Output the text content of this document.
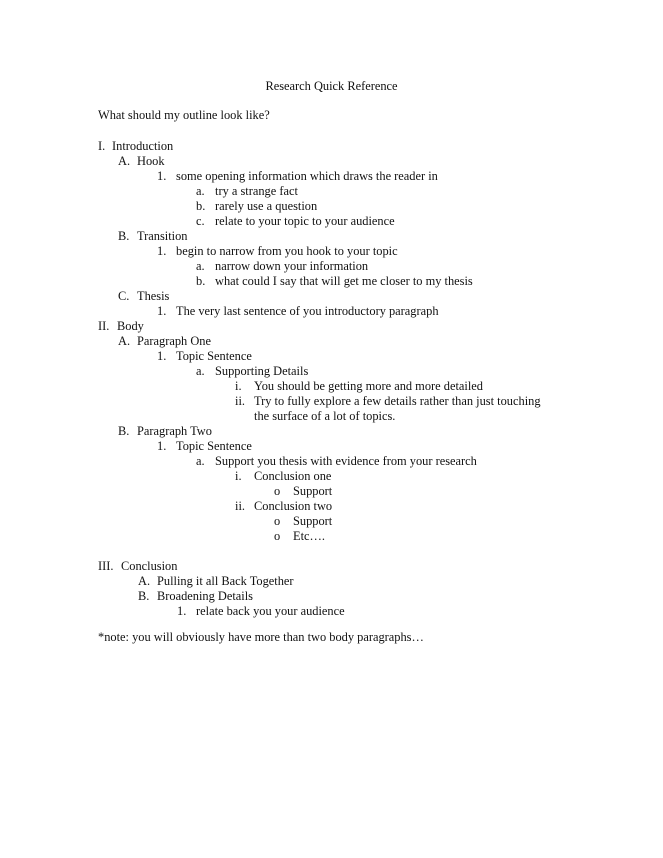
Research Quick Reference
What should my outline look like?
I. Introduction
A. Hook
1. some opening information which draws the reader in
a. try a strange fact
b. rarely use a question
c. relate to your topic to your audience
B. Transition
1. begin to narrow from you hook to your topic
a. narrow down your information
b. what could I say that will get me closer to my thesis
C. Thesis
1. The very last sentence of you introductory paragraph
II. Body
A. Paragraph One
1. Topic Sentence
a. Supporting Details
i. You should be getting more and more detailed
ii. Try to fully explore a few details rather than just touching
the surface of a lot of topics.
B. Paragraph Two
1. Topic Sentence
a. Support you thesis with evidence from your research
i. Conclusion one
o Support
ii. Conclusion two
o Support
o Etc….
III. Conclusion
A. Pulling it all Back Together
B. Broadening Details
1. relate back you your audience
*note: you will obviously have more than two body paragraphs…
